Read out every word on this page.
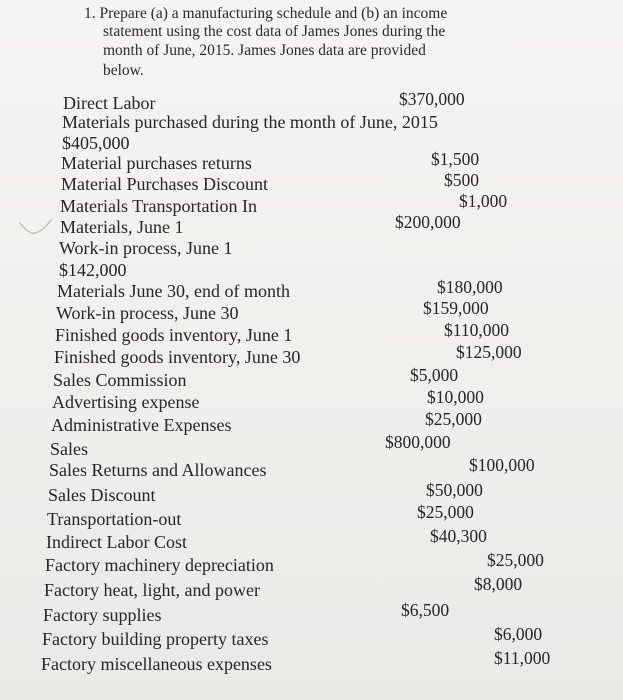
1. Prepare (a) a manufacturing schedule and (b) an income
statement using the cost data of James Jones during the
month of June, 2015. James Jones data are provided
below.
Direct Labor
Materials purchased during the month of June, 2015
$405,000
Material purchases returns
Material Purchases Discount
Materials Transportation In
Materials, June 1
Work-in process, June 1
$142,000
Materials June 30, end of month
Work-in process, June 30
Finished goods inventory, June 1
Finished goods inventory, June 30
Sales Commission
Advertising expense
Administrative Expenses
Sales
Sales Returns and Allowances
Sales Discount
Transportation-out
Indirect Labor Cost
Factory machinery depreciation
Factory heat, light, and power
Factory supplies
Factory building property taxes
Factory miscellaneous expenses
$370,000
$1,500
$500
$1,000
$200,000
$180,000
$159,000
$110,000
$125,000
$5,000
$10,000
$25,000
$800,000
$100,000
$50,000
$25,000
$40,300
$25,000
$8,000
$6,500
$6,000
$11,000
